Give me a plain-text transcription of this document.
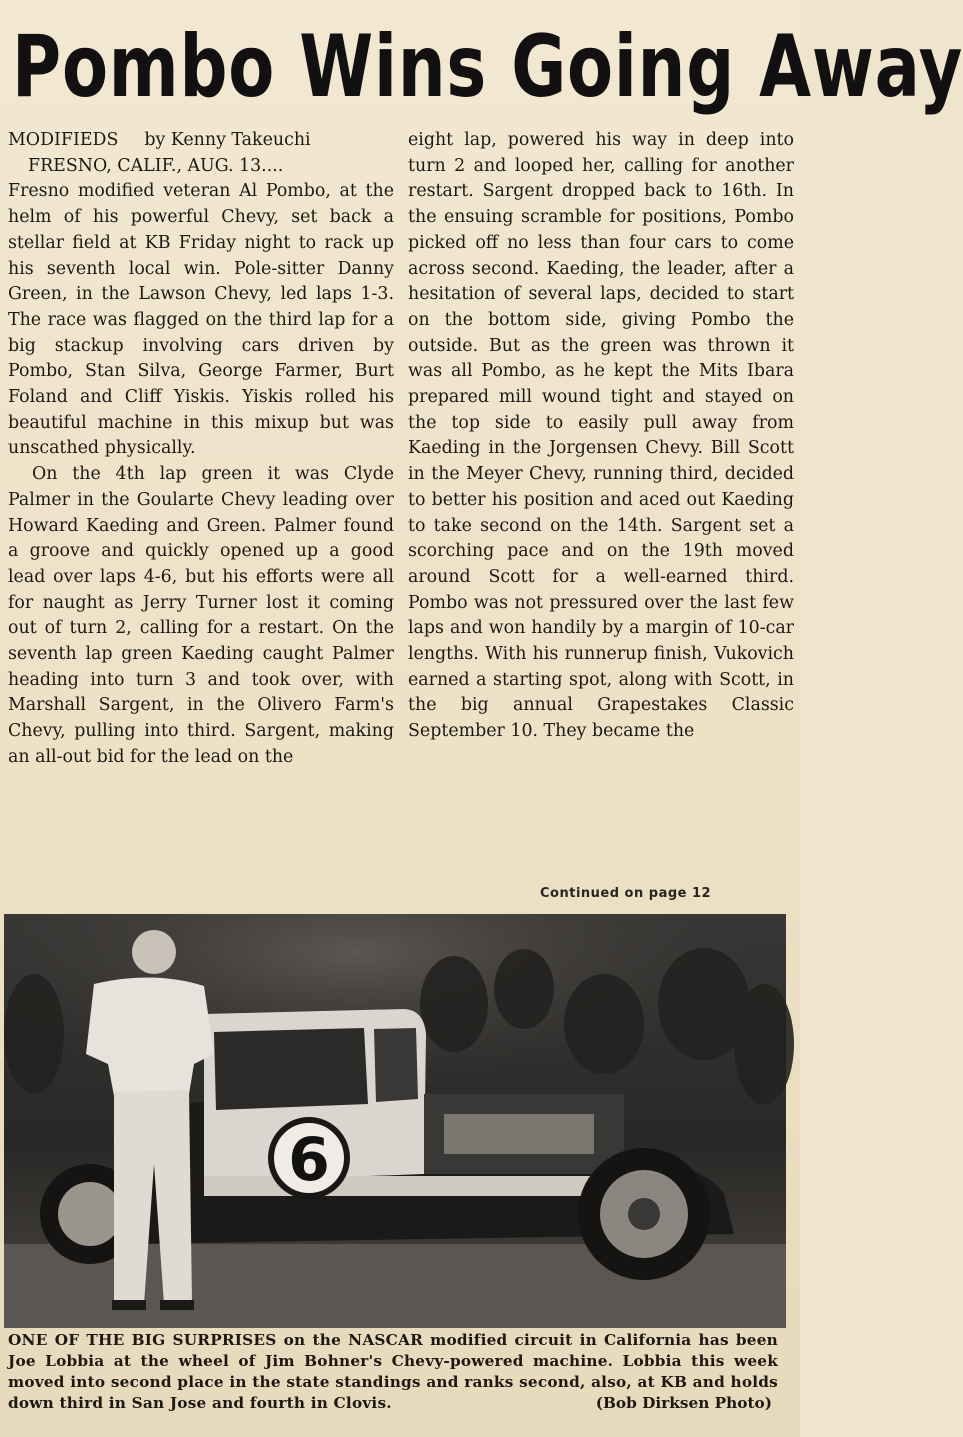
Pombo Wins Going Away

MODIFIEDS by Kenny Takeuchi

FRESNO, CALIF., AUG. 13....

Fresno modified veteran Al Pombo, at the helm of his powerful Chevy, set back a stellar field at KB Friday night to rack up his seventh local win. Pole-sitter Danny Green, in the Lawson Chevy, led laps 1-3. The race was flagged on the third lap for a big stackup involving cars driven by Pombo, Stan Silva, George Farmer, Burt Foland and Cliff Yiskis. Yiskis rolled his beautiful machine in this mixup but was unscathed physically.

On the 4th lap green it was Clyde Palmer in the Goularte Chevy leading over Howard Kaeding and Green. Palmer found a groove and quickly opened up a good lead over laps 4-6, but his efforts were all for naught as Jerry Turner lost it coming out of turn 2, calling for a restart. On the seventh lap green Kaeding caught Palmer heading into turn 3 and took over, with Marshall Sargent, in the Olivero Farm's Chevy, pulling into third. Sargent, making an all-out bid for the lead on the

eight lap, powered his way in deep into turn 2 and looped her, calling for another restart. Sargent dropped back to 16th. In the ensuing scramble for positions, Pombo picked off no less than four cars to come across second. Kaeding, the leader, after a hesitation of several laps, decided to start on the bottom side, giving Pombo the outside. But as the green was thrown it was all Pombo, as he kept the Mits Ibara prepared mill wound tight and stayed on the top side to easily pull away from Kaeding in the Jorgensen Chevy. Bill Scott in the Meyer Chevy, running third, decided to better his position and aced out Kaeding to take second on the 14th. Sargent set a scorching pace and on the 19th moved around Scott for a well-earned third. Pombo was not pressured over the last few laps and won handily by a margin of 10-car lengths. With his runnerup finish, Vukovich earned a starting spot, along with Scott, in the big annual Grapestakes Classic September 10. They became the

Continued on page 12
6
ONE OF THE BIG SURPRISES on the NASCAR modified circuit in California has been Joe Lobbia at the wheel of Jim Bohner's Chevy-powered machine. Lobbia this week moved into second place in the state standings and ranks second, also, at KB and holds down third in San Jose and fourth in Clovis.	(Bob Dirksen Photo)
